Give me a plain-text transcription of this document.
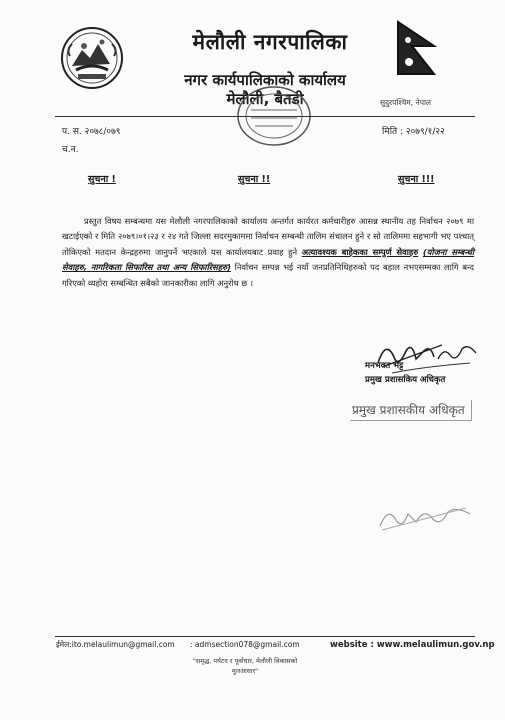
मेलौली नगरपालिका
नगर कार्यपालिकाको कार्यालय
मेलौली, बैतडी	सुदुरपश्चिम, नेपाल
प. स. २०७८/०७९	मिति : २०७९/१/२२
च.न.
सुचना !	सुचना !!	सुचना !!!

प्रस्तुत विषय सम्बन्धमा यस मेलौली नगरपालिकाको कार्यालय अन्तर्गत कार्यरत कर्मचारीहरु आसन्न स्थानीय तह निर्वाचन २०७९ मा खटाईएको र मिति २०७९।०१।२३ र २४ गते जिल्ला सदरमुकाममा निर्वाचन सम्बन्धी तालिम संचालन हुने र सो तालिममा सहभागी भए पश्चात् तोकिएको मतदान केन्द्रहरुमा जानुपर्ने भएकाले यस कार्यालयबाट प्रवाह हुने अत्यावश्यक बाहेकका सम्पुर्ण सेवाहरु (योजना सम्बन्धी सेवाहरु, नागरिकता सिफारिस तथा अन्य सिफारिसहरु) निर्वाचन सम्पन्न भई नयाँ जनप्रतिनिधिहरुको पद बहाल नभएसम्मका लागि बन्द गरिएको व्यहोरा सम्बन्धित सबैको जानकारीका लागि अनुरोध छ ।

मनभक्त भट्ट
प्रमुख प्रशासकिय अधिकृत
प्रमुख प्रशासकीय अधिकृत
ईमेल:ito.melaulimun@gmail.com : admsection078@gmail.com	website : www.melaulimun.gov.np
"समृद्ध, पर्यटन र पूर्वाधार, मेलौली विकासको मुलआधार"
